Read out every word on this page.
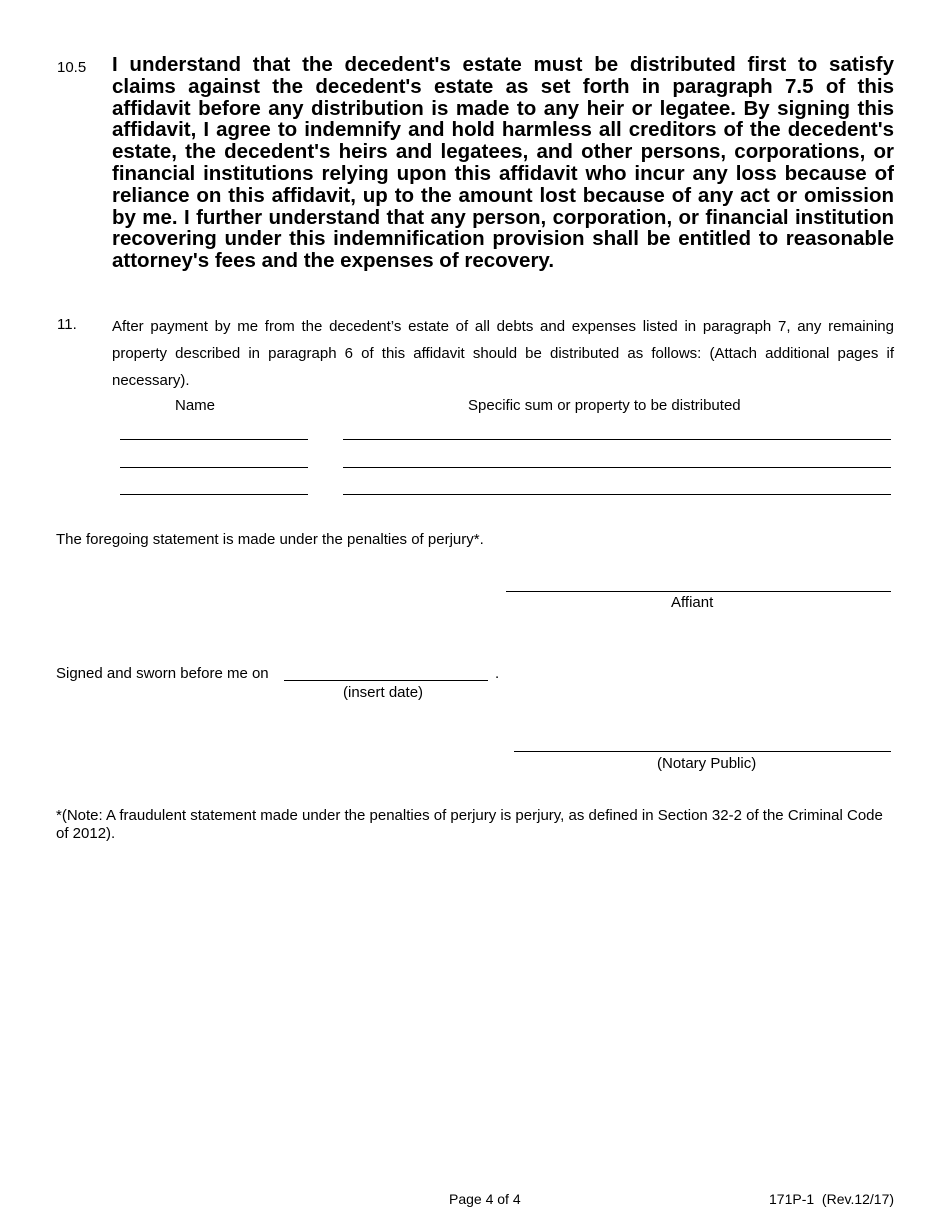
10.5 I understand that the decedent's estate must be distributed first to satisfy claims against the decedent's estate as set forth in paragraph 7.5 of this affidavit before any distribution is made to any heir or legatee. By signing this affidavit, I agree to indemnify and hold harmless all creditors of the decedent's estate, the decedent's heirs and legatees, and other persons, corporations, or financial institutions relying upon this affidavit who incur any loss because of reliance on this affidavit, up to the amount lost because of any act or omission by me. I further understand that any person, corporation, or financial institution recovering under this indemnification provision shall be entitled to reasonable attorney's fees and the expenses of recovery.
11. After payment by me from the decedent’s estate of all debts and expenses listed in paragraph 7, any remaining property described in paragraph 6 of this affidavit should be distributed as follows: (Attach additional pages if necessary).
Name	Specific sum or property to be distributed
The foregoing statement is made under the penalties of perjury*.
Affiant
Signed and sworn before me on	.
(insert date)
(Notary Public)
*(Note: A fraudulent statement made under the penalties of perjury is perjury, as defined in Section 32-2 of the Criminal Code of 2012).
Page 4 of 4	171P-1  (Rev.12/17)
